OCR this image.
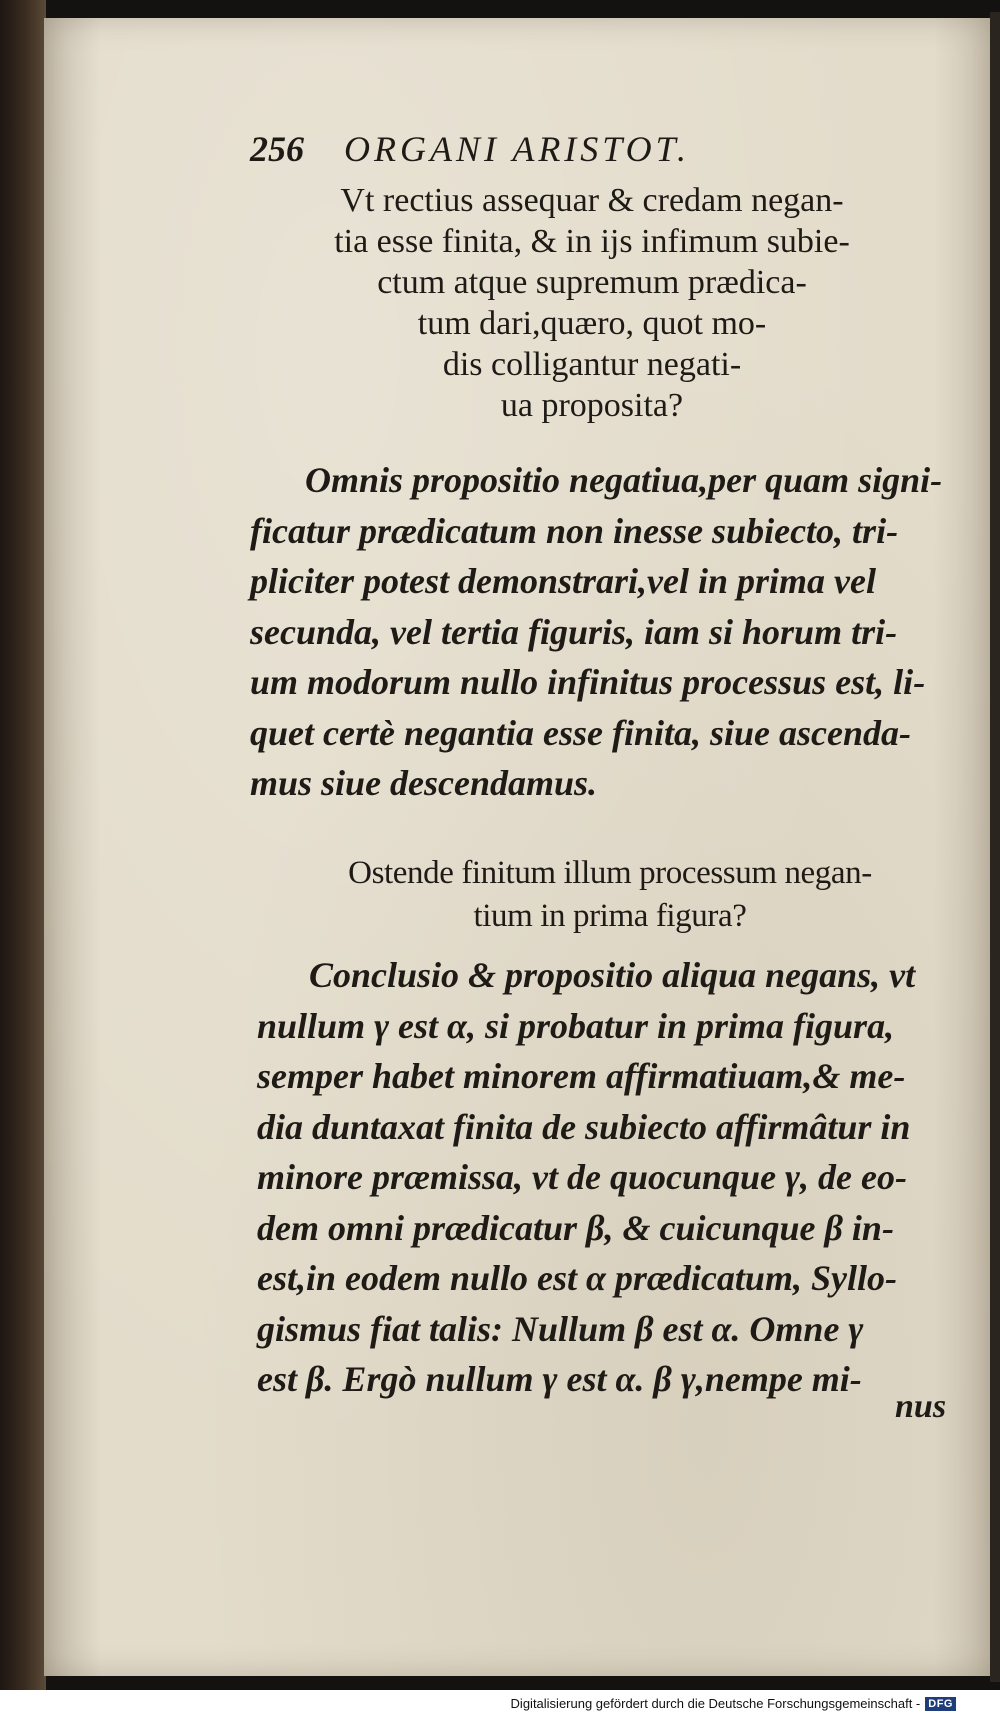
256 ORGANI ARISTOT.
Vt rectius assequar & credam negan-
tia esse finita, & in ijs infimum subie-
ctum atque supremum prædica-
tum dari,quæro, quot mo-
dis colligantur negati-
ua proposita?
Omnis propositio negatiua,per quam signi-
ficatur prædicatum non inesse subiecto, tri-
pliciter potest demonstrari,vel in prima vel
secunda, vel tertia figuris, iam si horum tri-
um modorum nullo infinitus processus est, li-
quet certè negantia esse finita, siue ascenda-
mus siue descendamus.
Ostende finitum illum processum negan-
tium in prima figura?
Conclusio & propositio aliqua negans, vt
nullum γ est α, si probatur in prima figura,
semper habet minorem affirmatiuam,& me-
dia duntaxat finita de subiecto affirmâtur in
minore præmissa, vt de quocunque γ, de eo-
dem omni prædicatur β, & cuicunque β in-
est,in eodem nullo est α prædicatum, Syllo-
gismus fiat talis: Nullum β est α. Omne γ
est β. Ergò nullum γ est α. β γ,nempe mi-
nus
Digitalisierung gefördert durch die Deutsche Forschungsgemeinschaft - DFG
